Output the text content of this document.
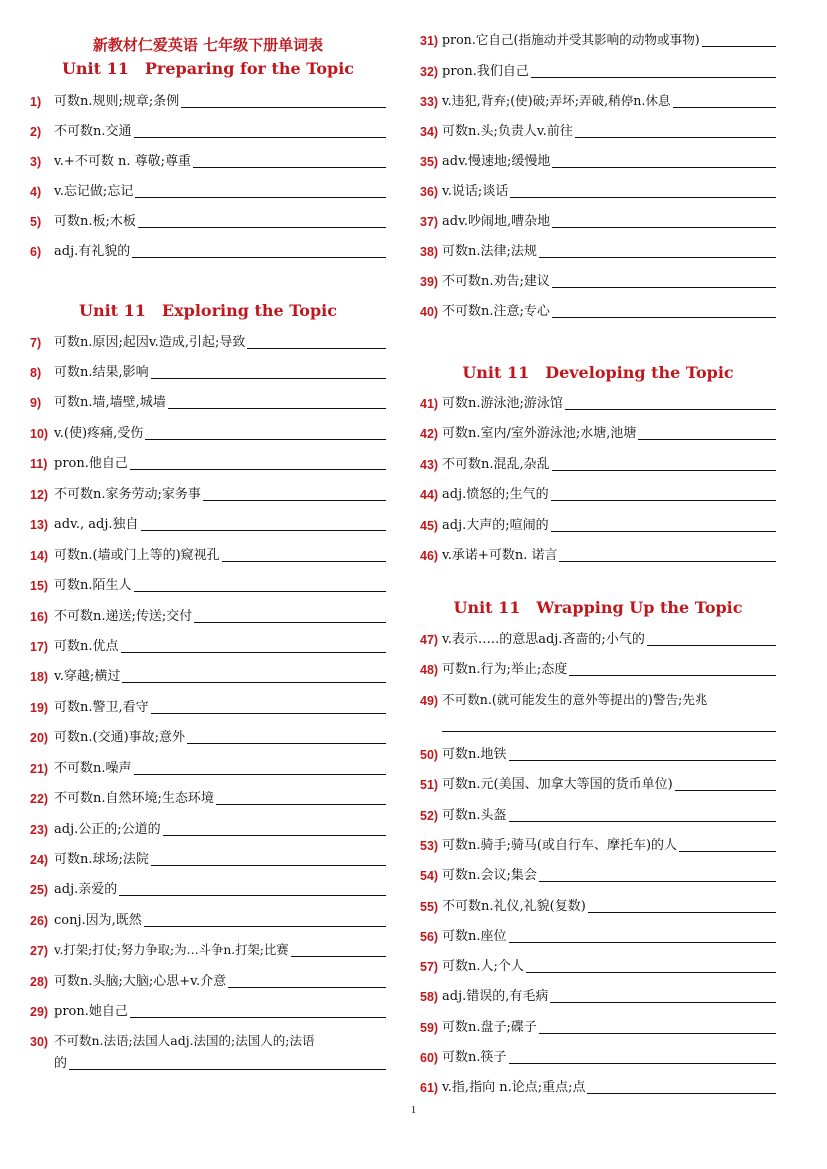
新教材仁爱英语 七年级下册单词表
Unit 11 Preparing for the Topic
1) 可数n.规则;规章;条例
2) 不可数n.交通
3) v.+不可数 n. 尊敬;尊重
4) v.忘记做;忘记
5) 可数n.板;木板
6) adj.有礼貌的
Unit 11 Exploring the Topic
7) 可数n.原因;起因v.造成,引起;导致
8) 可数n.结果,影响
9) 可数n.墙,墙壁,城墙
10) v.(使)疼痛,受伤
11) pron.他自己
12) 不可数n.家务劳动;家务事
13) adv., adj.独自
14) 可数n.(墙或门上等的)窥视孔
15) 可数n.陌生人
16) 不可数n.递送;传送;交付
17) 可数n.优点
18) v.穿越;横过
19) 可数n.警卫,看守
20) 可数n.(交通)事故;意外
21) 不可数n.噪声
22) 不可数n.自然环境;生态环境
23) adj.公正的;公道的
24) 可数n.球场;法院
25) adj.亲爱的
26) conj.因为,既然
27) v.打架;打仗;努力争取;为…斗争n.打架;比赛
28) 可数n.头脑;大脑;心思+v.介意
29) pron.她自己
30) 不可数n.法语;法国人adj.法国的;法国人的;法语
的
31) pron.它自己(指施动并受其影响的动物或事物)
32) pron.我们自己
33) v.违犯,背弃;(使)破;弄坏;弄破,稍停n.休息
34) 可数n.头;负责人v.前往
35) adv.慢速地;缓慢地
36) v.说话;谈话
37) adv.吵闹地,嘈杂地
38) 可数n.法律;法规
39) 不可数n.劝告;建议
40) 不可数n.注意;专心
Unit 11 Developing the Topic
41) 可数n.游泳池;游泳馆
42) 可数n.室内/室外游泳池;水塘,池塘
43) 不可数n.混乱,杂乱
44) adj.愤怒的;生气的
45) adj.大声的;喧闹的
46) v.承诺+可数n. 诺言
Unit 11 Wrapping Up the Topic
47) v.表示…..的意思adj.吝啬的;小气的
48) 可数n.行为;举止;态度
49) 不可数n.(就可能发生的意外等提出的)警告;先兆
50) 可数n.地铁
51) 可数n.元(美国、加拿大等国的货币单位)
52) 可数n.头盔
53) 可数n.骑手;骑马(或自行车、摩托车)的人
54) 可数n.会议;集会
55) 不可数n.礼仪,礼貌(复数)
56) 可数n.座位
57) 可数n.人;个人
58) adj.错误的,有毛病
59) 可数n.盘子;碟子
60) 可数n.筷子
61) v.指,指向 n.论点;重点;点
1
